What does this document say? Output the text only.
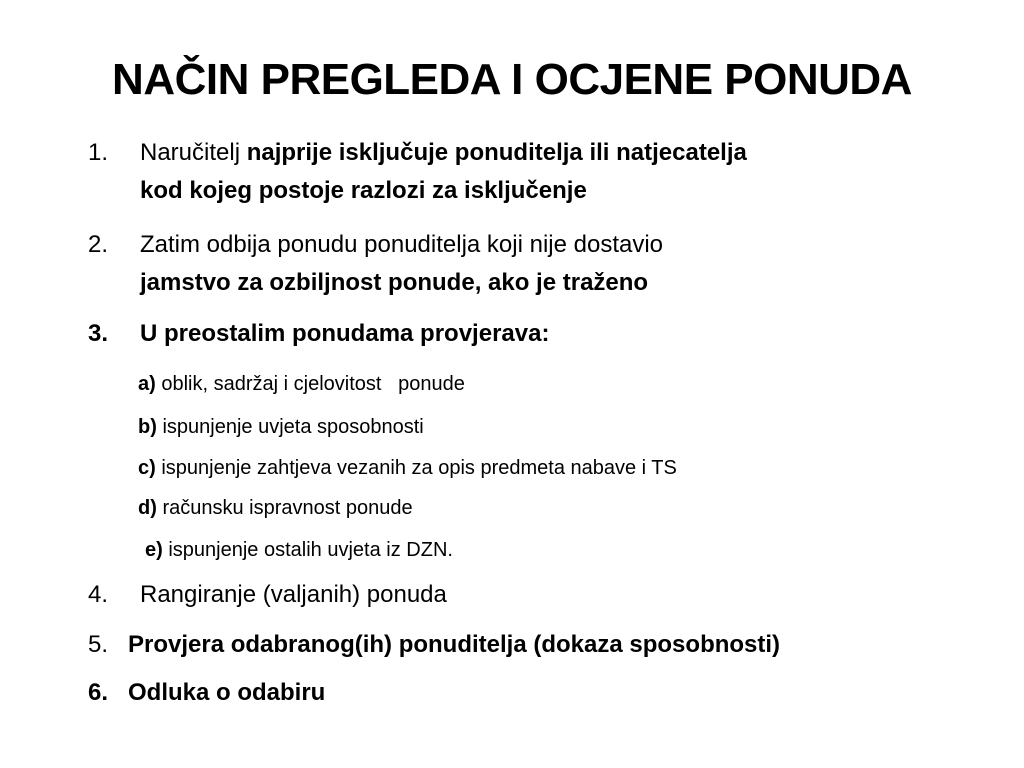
NAČIN PREGLEDA I OCJENE PONUDA
1. Naručitelj najprije isključuje ponuditelja ili natjecatelja
kod kojeg postoje razlozi za isključenje
2. Zatim odbija ponudu ponuditelja koji nije dostavio
jamstvo za ozbiljnost ponude, ako je traženo
3. U preostalim ponudama provjerava:
a) oblik, sadržaj i cjelovitost   ponude
b) ispunjenje uvjeta sposobnosti
c) ispunjenje zahtjeva vezanih za opis predmeta nabave i TS
d) računsku ispravnost ponude
e) ispunjenje ostalih uvjeta iz DZN.
4. Rangiranje (valjanih) ponuda
5. Provjera odabranog(ih) ponuditelja (dokaza sposobnosti)
6. Odluka o odabiru
